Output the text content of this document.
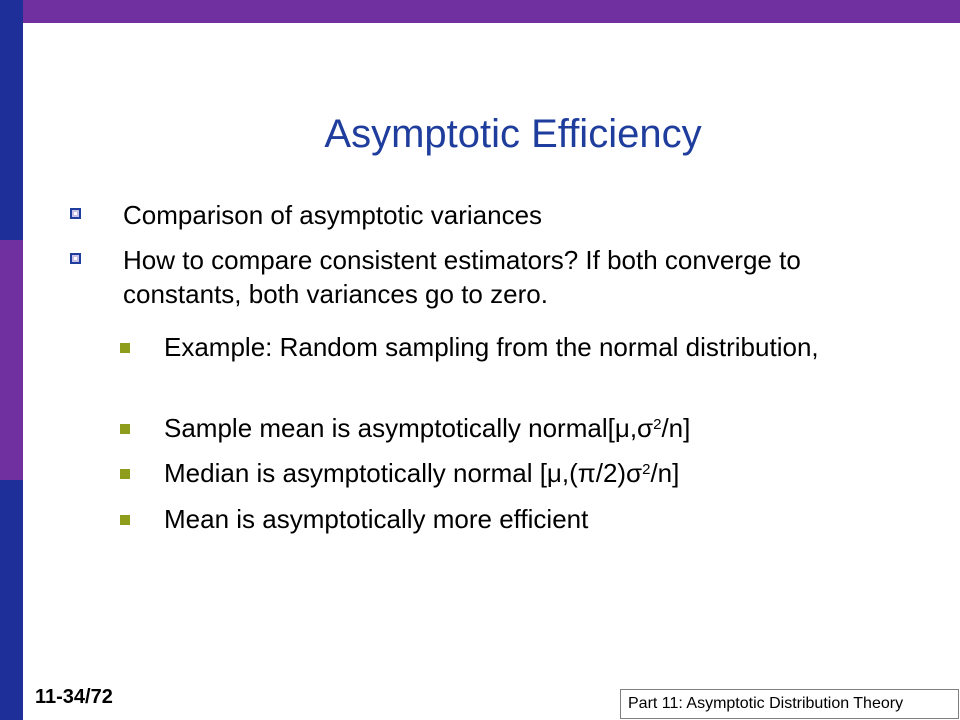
Asymptotic Efficiency
Comparison of asymptotic variances
How to compare consistent estimators? If both converge to constants, both variances go to zero.
Example: Random sampling from the normal distribution,
Sample mean is asymptotically $normal[\mu,\sigma^2/n]$
Median is asymptotically normal $[\mu,(\pi/2)\sigma^2/n]$
Mean is asymptotically more efficient
11-34/72	Part 11: Asymptotic Distribution Theory
